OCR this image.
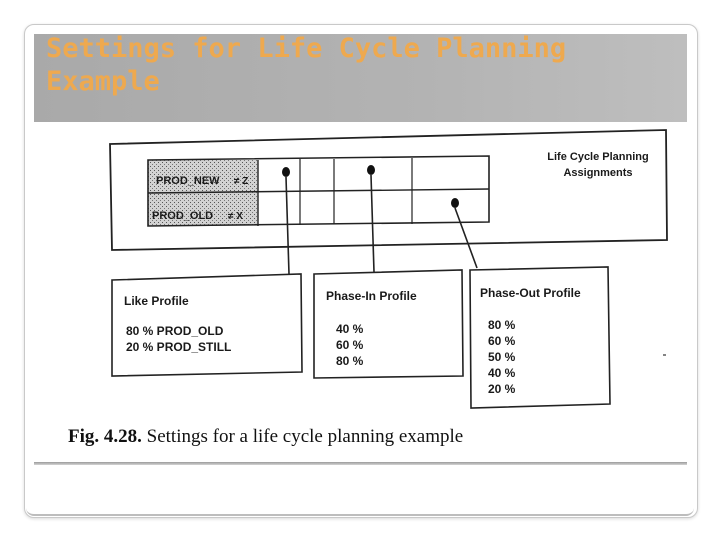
Settings for Life Cycle Planning
Example
Life Cycle Planning
Assignments
PROD_NEW
PROD_OLD
≠ Z
≠ X
Like Profile
80 % PROD_OLD
20 % PROD_STILL
Phase-In Profile
40 %
60 %
80 %
Phase-Out Profile
80 %
60 %
50 %
40 %
20 %
Fig. 4.28. Settings for a life cycle planning example
